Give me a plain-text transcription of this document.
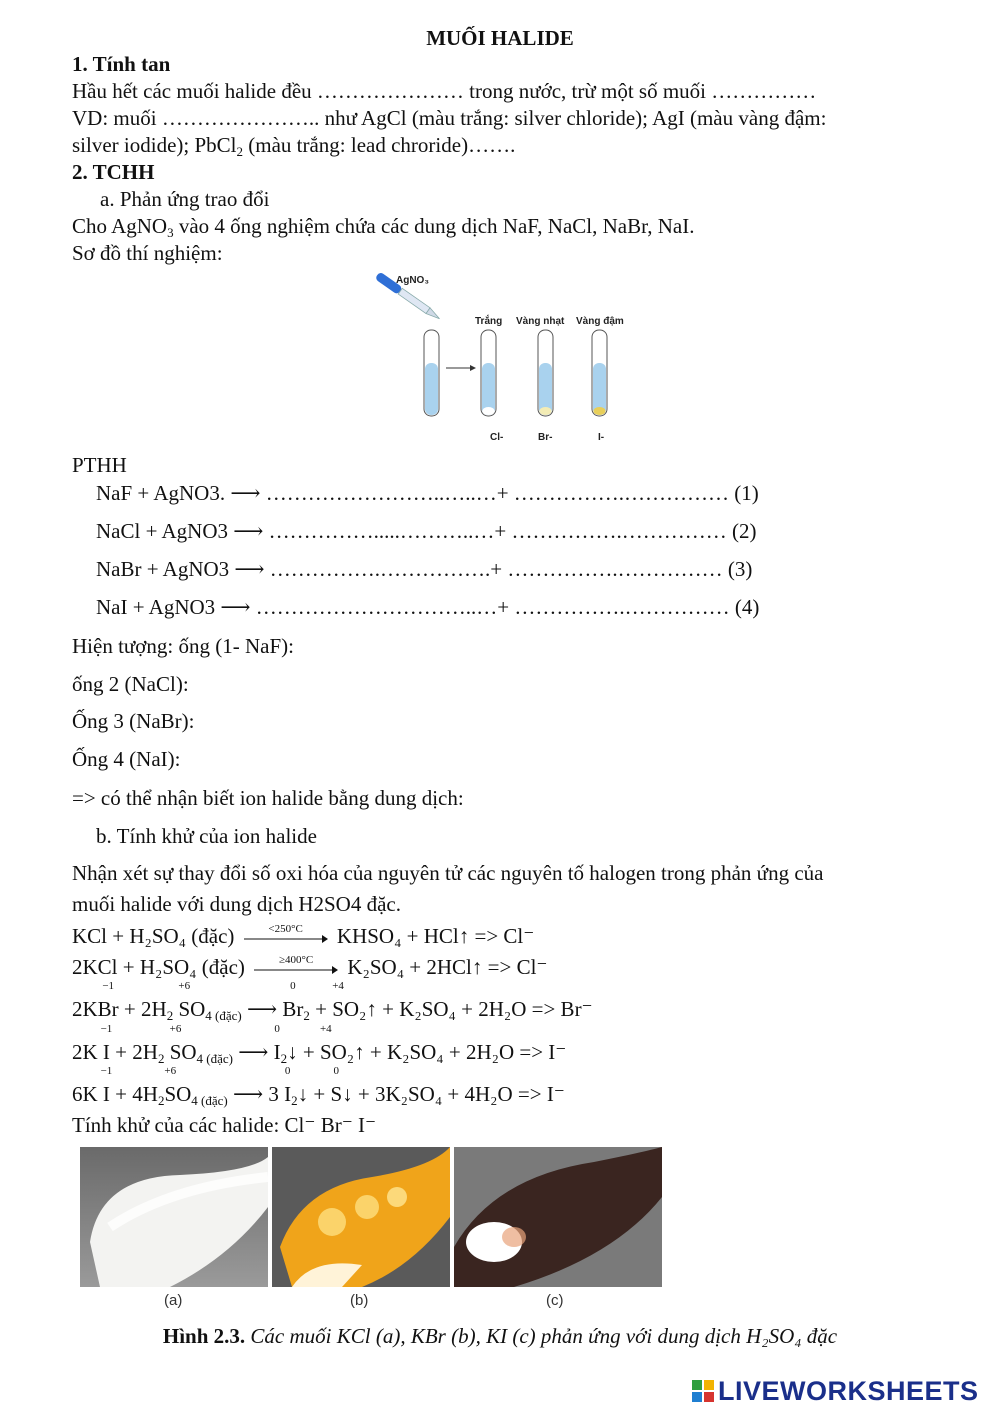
MUỐI HALIDE
1. Tính tan
Hầu hết các muối halide đều ………………… trong nước, trừ một số muối ……………
VD: muối ………………….. như AgCl (màu trắng: silver chloride); AgI (màu vàng đậm:
silver iodide); PbCl$_2$ (màu trắng: lead chroride)…….
2. TCHH
a. Phản ứng trao đổi
Cho AgNO$_3$ vào 4 ống nghiệm chứa các dung dịch NaF, NaCl, NaBr, NaI.
Sơ đồ thí nghiệm:
AgNO₃
Trắng Vàng nhạt Vàng đậm
Cl-	Br-	I-
PTHH
NaF + AgNO3. ⟶ ……………………..…..…+ …………….…………… (1)
NaCl + AgNO3 ⟶ …………….....………..…+ …………….…………… (2)
NaBr + AgNO3 ⟶ …………….…………….+ …………….…………… (3)
NaI + AgNO3 ⟶ …………………………..…+ …………….…………… (4)
Hiện tượng: ống (1- NaF):
ống 2 (NaCl):
Ống 3 (NaBr):
Ống 4 (NaI):
=> có thể nhận biết ion halide bằng dung dịch:
b. Tính khử của ion halide
Nhận xét sự thay đổi số oxi hóa của nguyên tử các nguyên tố halogen trong phản ứng của
muối halide với dung dịch H2SO4 đặc.
KCl + H₂SO₄ (đặc)	<250°C	KHSO₄ + HCl↑ => Cl⁻
2KCl + H₂SO₄ (đặc)	≥400°C	K₂SO₄ + 2HCl↑ => Cl⁻
2KBr
−1
+ $2H_2$ S
+6
$O_{4 (đặc)}$ ⟶ Br
0
$_2$ + S
+4
O₂↑ + K₂SO₄ + 2H₂O => Br⁻
2K I
−1
+ $2H_2$ S
+6
$O_{4 (đặc)}$ ⟶ I
0
$_2$↓ + S
+4
O₂↑ + K₂SO₄ + 2H₂O => I⁻
6K I
−1
+ $4H_2S$
+6
$O_{4 (đặc)}$ ⟶ 3 I
0
$_2$↓ + S
0
↓ + 3K₂SO₄ + 4H₂O => I⁻
Tính khử của các halide: Cl⁻ Br⁻ I⁻
(a)	(b)	(c)
Hình 2.3. Các muối KCl (a), KBr (b), KI (c) phản ứng với dung dịch H₂SO₄ đặc
LIVEWORKSHEETS
